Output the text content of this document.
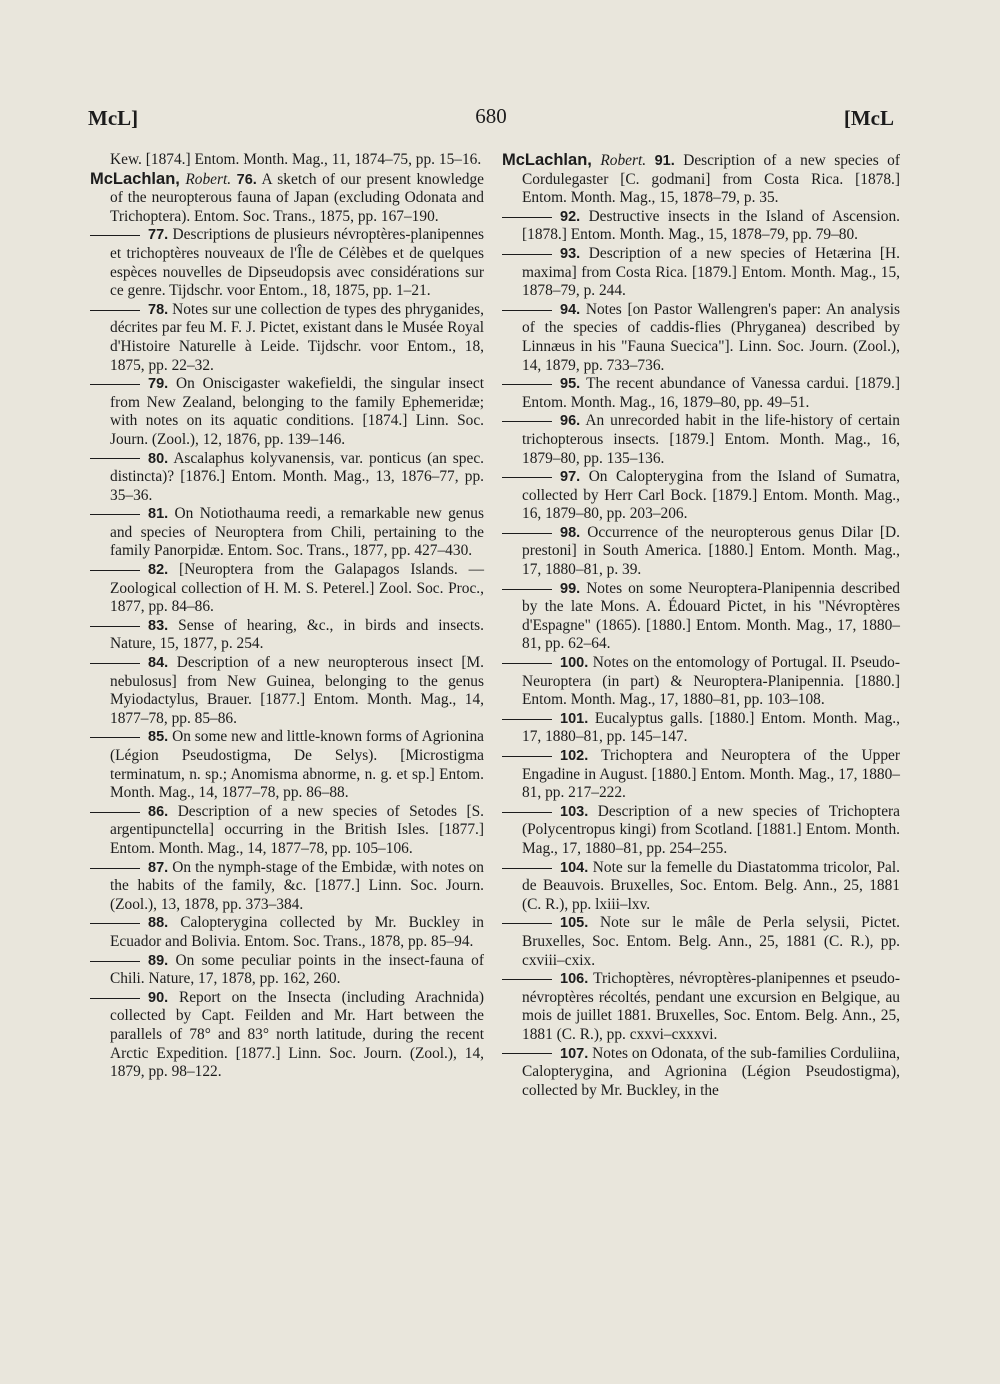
McL]	680	[McL

Kew. [1874.] Entom. Month. Mag., 11, 1874–75, pp. 15–16.

McLachlan, Robert. 76. A sketch of our present knowledge of the neuropterous fauna of Japan (excluding Odonata and Trichoptera). Entom. Soc. Trans., 1875, pp. 167–190.

77. Descriptions de plusieurs névroptères-planipennes et trichoptères nouveaux de l'Île de Célèbes et de quelques espèces nouvelles de Dipseudopsis avec considérations sur ce genre. Tijdschr. voor Entom., 18, 1875, pp. 1–21.

78. Notes sur une collection de types des phryganides, décrites par feu M. F. J. Pictet, existant dans le Musée Royal d'Histoire Naturelle à Leide. Tijdschr. voor Entom., 18, 1875, pp. 22–32.

79. On Oniscigaster wakefieldi, the singular insect from New Zealand, belonging to the family Ephemeridæ; with notes on its aquatic conditions. [1874.] Linn. Soc. Journ. (Zool.), 12, 1876, pp. 139–146.

80. Ascalaphus kolyvanensis, var. ponticus (an spec. distincta)? [1876.] Entom. Month. Mag., 13, 1876–77, pp. 35–36.

81. On Notiothauma reedi, a remarkable new genus and species of Neuroptera from Chili, pertaining to the family Panorpidæ. Entom. Soc. Trans., 1877, pp. 427–430.

82. [Neuroptera from the Galapagos Islands. —Zoological collection of H. M. S. Peterel.] Zool. Soc. Proc., 1877, pp. 84–86.

83. Sense of hearing, &c., in birds and insects. Nature, 15, 1877, p. 254.

84. Description of a new neuropterous insect [M. nebulosus] from New Guinea, belonging to the genus Myiodactylus, Brauer. [1877.] Entom. Month. Mag., 14, 1877–78, pp. 85–86.

85. On some new and little-known forms of Agrionina (Légion Pseudostigma, De Selys). [Microstigma terminatum, n. sp.; Anomisma abnorme, n. g. et sp.] Entom. Month. Mag., 14, 1877–78, pp. 86–88.

86. Description of a new species of Setodes [S. argentipunctella] occurring in the British Isles. [1877.] Entom. Month. Mag., 14, 1877–78, pp. 105–106.

87. On the nymph-stage of the Embidæ, with notes on the habits of the family, &c. [1877.] Linn. Soc. Journ. (Zool.), 13, 1878, pp. 373–384.

88. Calopterygina collected by Mr. Buckley in Ecuador and Bolivia. Entom. Soc. Trans., 1878, pp. 85–94.

89. On some peculiar points in the insect-fauna of Chili. Nature, 17, 1878, pp. 162, 260.

90. Report on the Insecta (including Arachnida) collected by Capt. Feilden and Mr. Hart between the parallels of 78° and 83° north latitude, during the recent Arctic Expedition. [1877.] Linn. Soc. Journ. (Zool.), 14, 1879, pp. 98–122.

McLachlan, Robert. 91. Description of a new species of Cordulegaster [C. godmani] from Costa Rica. [1878.] Entom. Month. Mag., 15, 1878–79, p. 35.

92. Destructive insects in the Island of Ascension. [1878.] Entom. Month. Mag., 15, 1878–79, pp. 79–80.

93. Description of a new species of Hetærina [H. maxima] from Costa Rica. [1879.] Entom. Month. Mag., 15, 1878–79, p. 244.

94. Notes [on Pastor Wallengren's paper: An analysis of the species of caddis-flies (Phryganea) described by Linnæus in his "Fauna Suecica"]. Linn. Soc. Journ. (Zool.), 14, 1879, pp. 733–736.

95. The recent abundance of Vanessa cardui. [1879.] Entom. Month. Mag., 16, 1879–80, pp. 49–51.

96. An unrecorded habit in the life-history of certain trichopterous insects. [1879.] Entom. Month. Mag., 16, 1879–80, pp. 135–136.

97. On Calopterygina from the Island of Sumatra, collected by Herr Carl Bock. [1879.] Entom. Month. Mag., 16, 1879–80, pp. 203–206.

98. Occurrence of the neuropterous genus Dilar [D. prestoni] in South America. [1880.] Entom. Month. Mag., 17, 1880–81, p. 39.

99. Notes on some Neuroptera-Planipennia described by the late Mons. A. Édouard Pictet, in his "Névroptères d'Espagne" (1865). [1880.] Entom. Month. Mag., 17, 1880–81, pp. 62–64.

100. Notes on the entomology of Portugal. II. Pseudo-Neuroptera (in part) & Neuroptera-Planipennia. [1880.] Entom. Month. Mag., 17, 1880–81, pp. 103–108.

101. Eucalyptus galls. [1880.] Entom. Month. Mag., 17, 1880–81, pp. 145–147.

102. Trichoptera and Neuroptera of the Upper Engadine in August. [1880.] Entom. Month. Mag., 17, 1880–81, pp. 217–222.

103. Description of a new species of Trichoptera (Polycentropus kingi) from Scotland. [1881.] Entom. Month. Mag., 17, 1880–81, pp. 254–255.

104. Note sur la femelle du Diastatomma tricolor, Pal. de Beauvois. Bruxelles, Soc. Entom. Belg. Ann., 25, 1881 (C. R.), pp. lxiii–lxv.

105. Note sur le mâle de Perla selysii, Pictet. Bruxelles, Soc. Entom. Belg. Ann., 25, 1881 (C. R.), pp. cxviii–cxix.

106. Trichoptères, névroptères-planipennes et pseudo-névroptères récoltés, pendant une excursion en Belgique, au mois de juillet 1881. Bruxelles, Soc. Entom. Belg. Ann., 25, 1881 (C. R.), pp. cxxvi–cxxxvi.

107. Notes on Odonata, of the sub-families Corduliina, Calopterygina, and Agrionina (Légion Pseudostigma), collected by Mr. Buckley, in the
